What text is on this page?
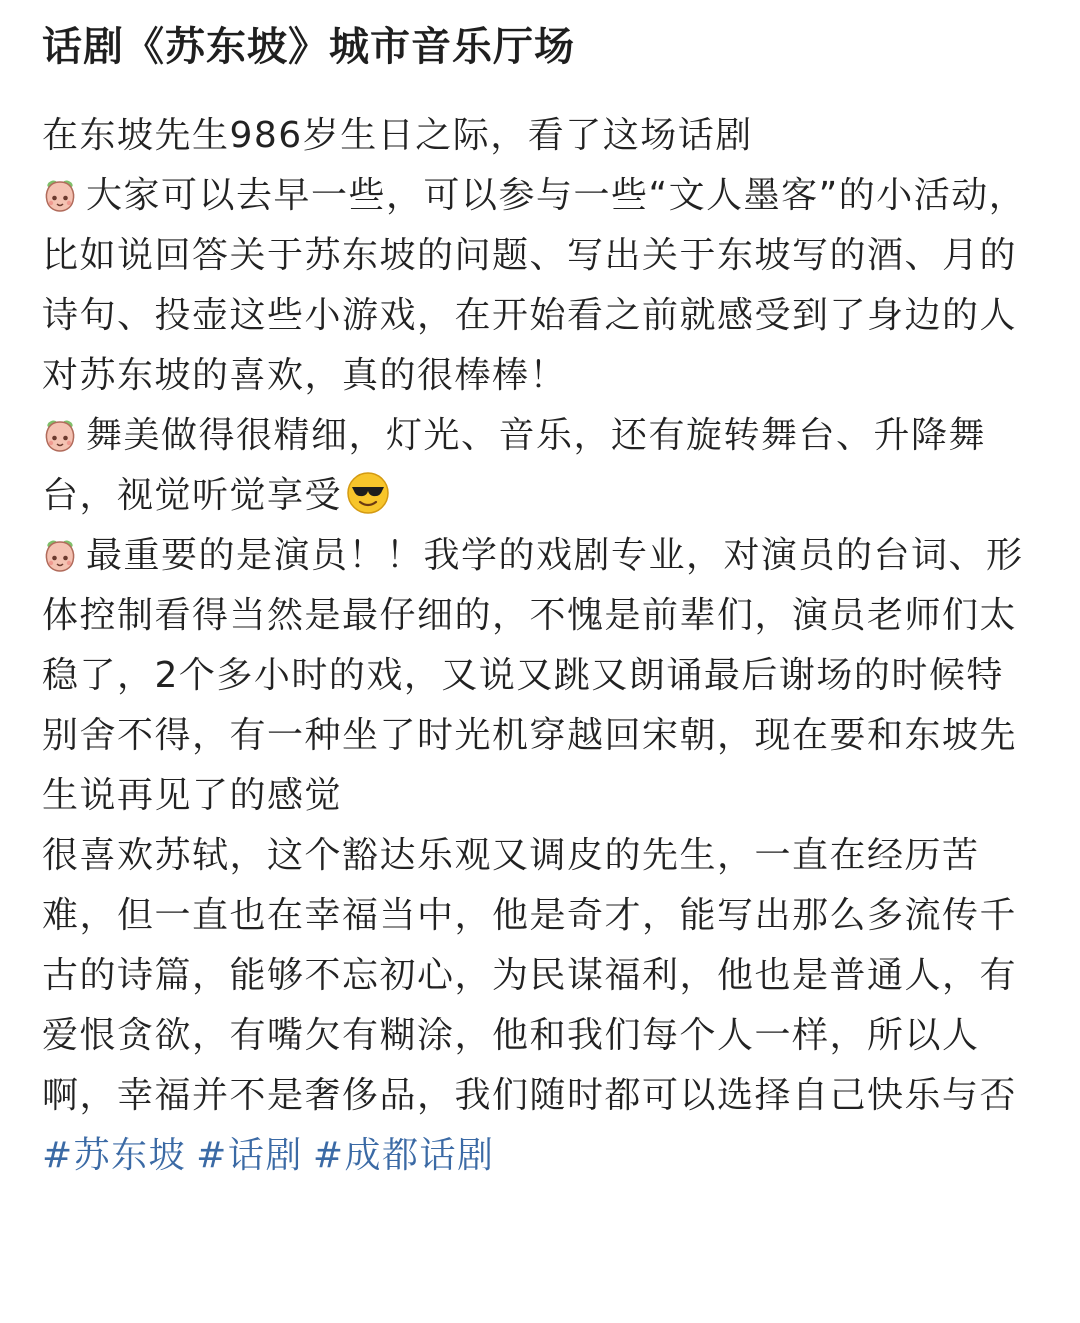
话剧《苏东坡》城市音乐厅场

在东坡先生986岁生日之际，看了这场话剧

大家可以去早一些，可以参与一些“文人墨客”的小活动，比如说回答关于苏东坡的问题、写出关于东坡写的酒、月的诗句、投壶这些小游戏，在开始看之前就感受到了身边的人对苏东坡的喜欢，真的很棒棒！

舞美做得很精细，灯光、音乐，还有旋转舞台、升降舞台，视觉听觉享受

最重要的是演员！！我学的戏剧专业，对演员的台词、形体控制看得当然是最仔细的，不愧是前辈们，演员老师们太稳了，2个多小时的戏，又说又跳又朗诵最后谢场的时候特别舍不得，有一种坐了时光机穿越回宋朝，现在要和东坡先生说再见了的感觉

很喜欢苏轼，这个豁达乐观又调皮的先生，一直在经历苦难，但一直也在幸福当中，他是奇才，能写出那么多流传千古的诗篇，能够不忘初心，为民谋福利，他也是普通人，有爱恨贪欲，有嘴欠有糊涂，他和我们每个人一样，所以人啊，幸福并不是奢侈品，我们随时都可以选择自己快乐与否#苏东坡 #话剧 #成都话剧
